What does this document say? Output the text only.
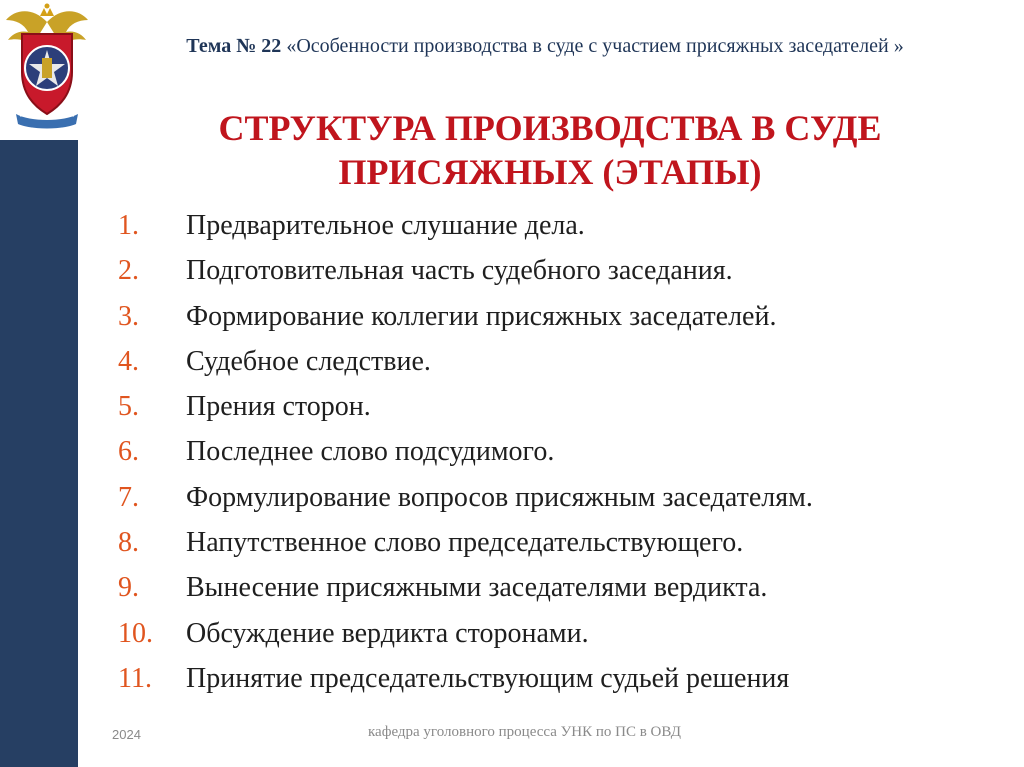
Тема № 22 «Особенности производства в суде с участием присяжных заседателей »
СТРУКТУРА ПРОИЗВОДСТВА В СУДЕ
ПРИСЯЖНЫХ (ЭТАПЫ)
1.	Предварительное слушание дела.
2.	Подготовительная часть судебного заседания.
3.	Формирование коллегии присяжных заседателей.
4.	Судебное следствие.
5.	Прения сторон.
6.	Последнее слово подсудимого.
7.	Формулирование вопросов присяжным заседателям.
8.	Напутственное слово председательствующего.
9.	Вынесение присяжными заседателями вердикта.
10.	Обсуждение вердикта сторонами.
11.	Принятие председательствующим судьей решения
2024	кафедра уголовного процесса УНК по ПС в ОВД
